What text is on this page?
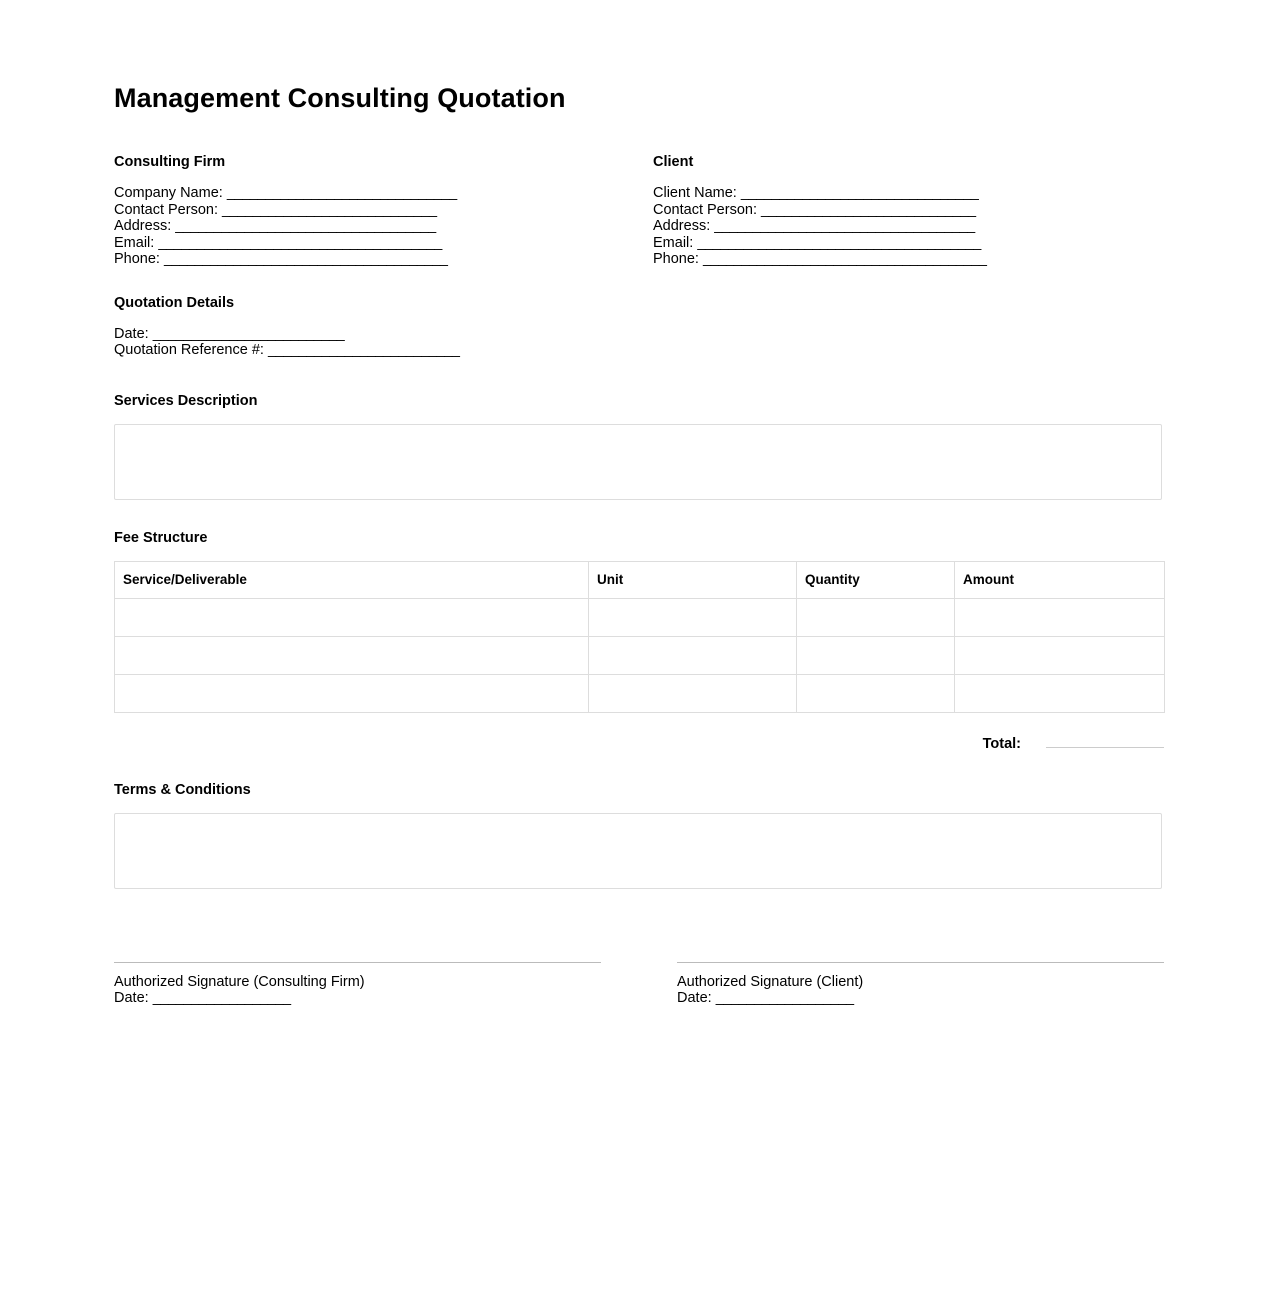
Management Consulting Quotation
Consulting Firm
Company Name: ______________________________
Contact Person: ____________________________
Address: __________________________________
Email: _____________________________________
Phone: _____________________________________
Client
Client Name: _______________________________
Contact Person: ____________________________
Address: __________________________________
Email: _____________________________________
Phone: _____________________________________
Quotation Details
Date: _________________________
Quotation Reference #: _________________________
Services Description
Fee Structure
Service/Deliverable	Unit	Quantity	Amount

Total:
Terms & Conditions
Authorized Signature (Consulting Firm)
Date: __________________
Authorized Signature (Client)
Date: __________________
